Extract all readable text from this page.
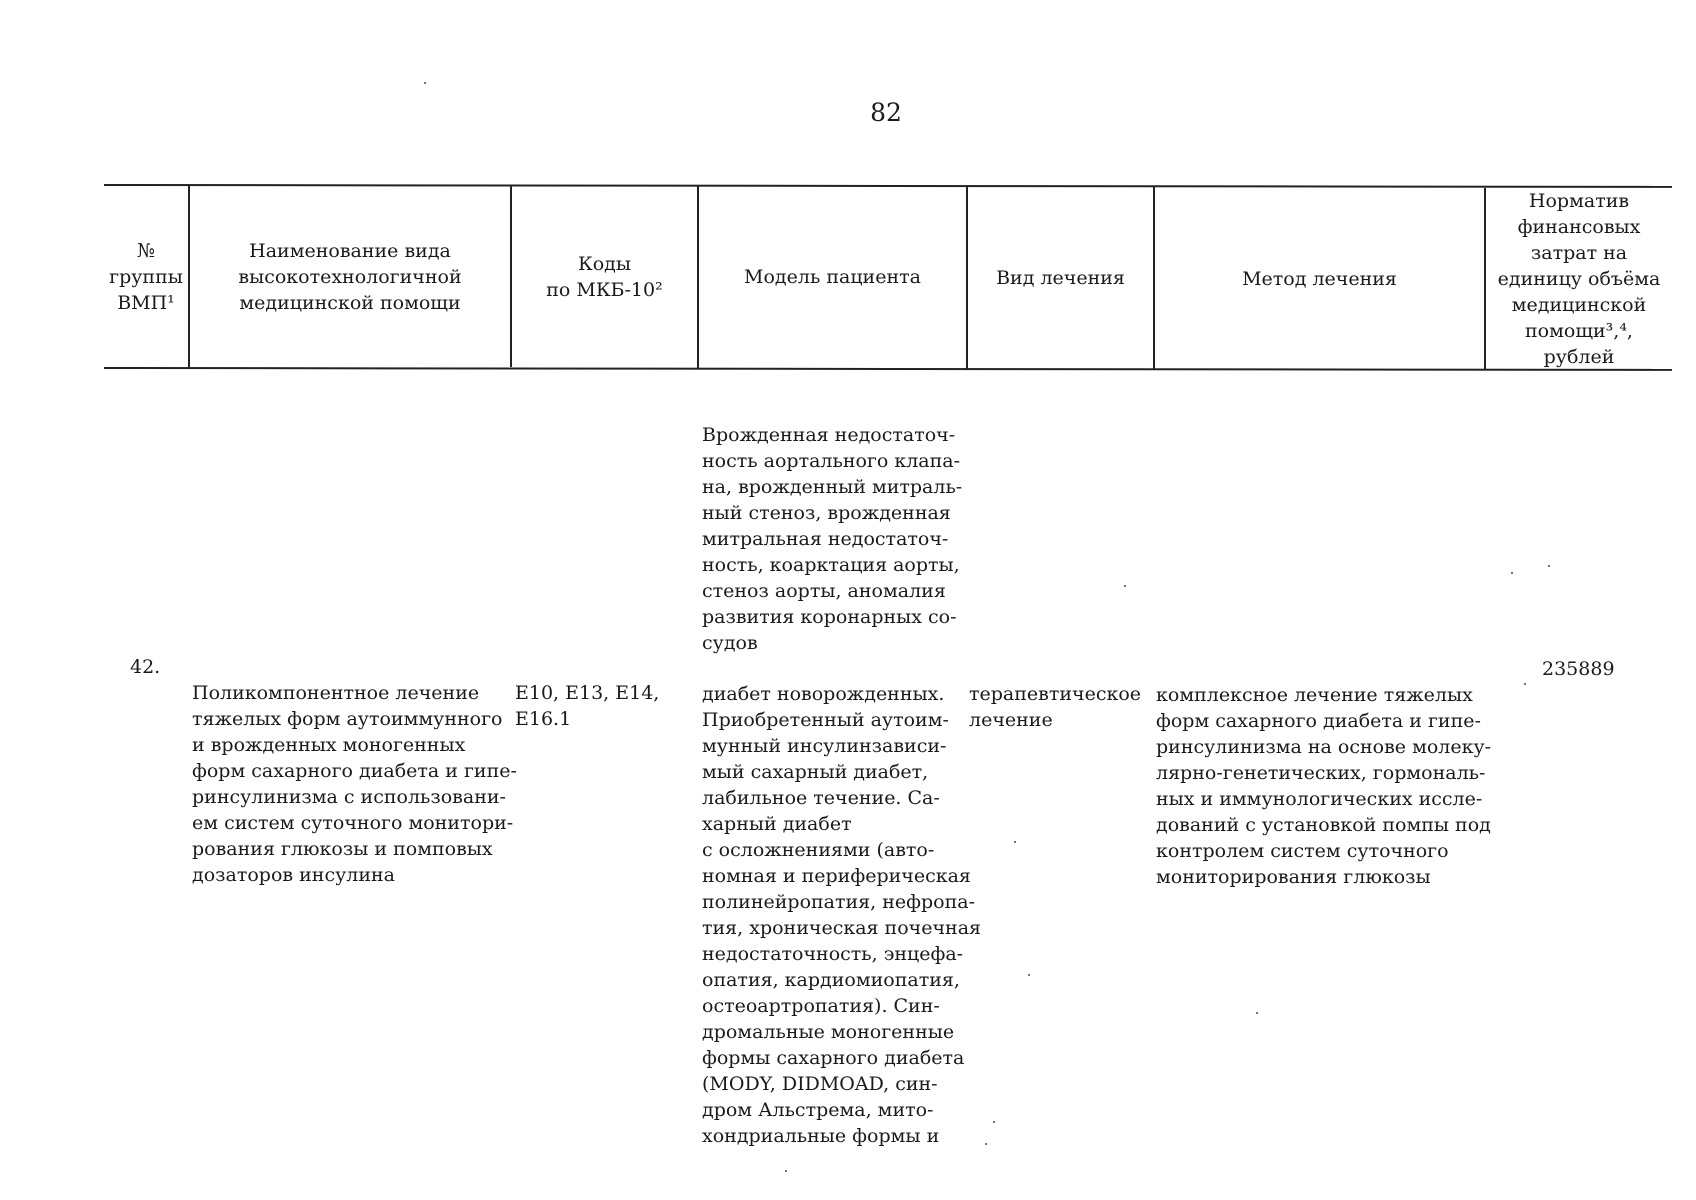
82
№
группы
ВМП¹
Наименование вида
высокотехнологичной
медицинской помощи
Коды
по МКБ-10²
Модель пациента	Вид лечения	Метод лечения
Норматив
финансовых
затрат на
единицу объёма
медицинской
помощи³,⁴,
рублей

Врожденная недостаточ-
ность аортального клапа-
на, врожденный митраль-
ный стеноз, врожденная
митральная недостаточ-
ность, коарктация аорты,
стеноз аорты, аномалия
развития коронарных со-
судов

42.

Поликомпонентное лечение
тяжелых форм аутоиммунного
и врожденных моногенных
форм сахарного диабета и гипе-
ринсулинизма с использовани-
ем систем суточного монитори-
рования глюкозы и помповых
дозаторов инсулина

E10, E13, E14,
E16.1

диабет новорожденных.
Приобретенный аутоим-
мунный инсулинзависи-
мый сахарный диабет,
лабильное течение. Са-
харный диабет
с осложнениями (авто-
номная и периферическая
полинейропатия, нефропа-
тия, хроническая почечная
недостаточность, энцефа-
опатия, кардиомиопатия,
остеоартропатия). Син-
дромальные моногенные
формы сахарного диабета
(MODY, DIDMOAD, син-
дром Альстрема, мито-
хондриальные формы и

терапевтическое
лечение

комплексное лечение тяжелых
форм сахарного диабета и гипе-
ринсулинизма на основе молеку-
лярно-генетических, гормональ-
ных и иммунологических иссле-
дований с установкой помпы под
контролем систем суточного
мониторирования глюкозы

235889
